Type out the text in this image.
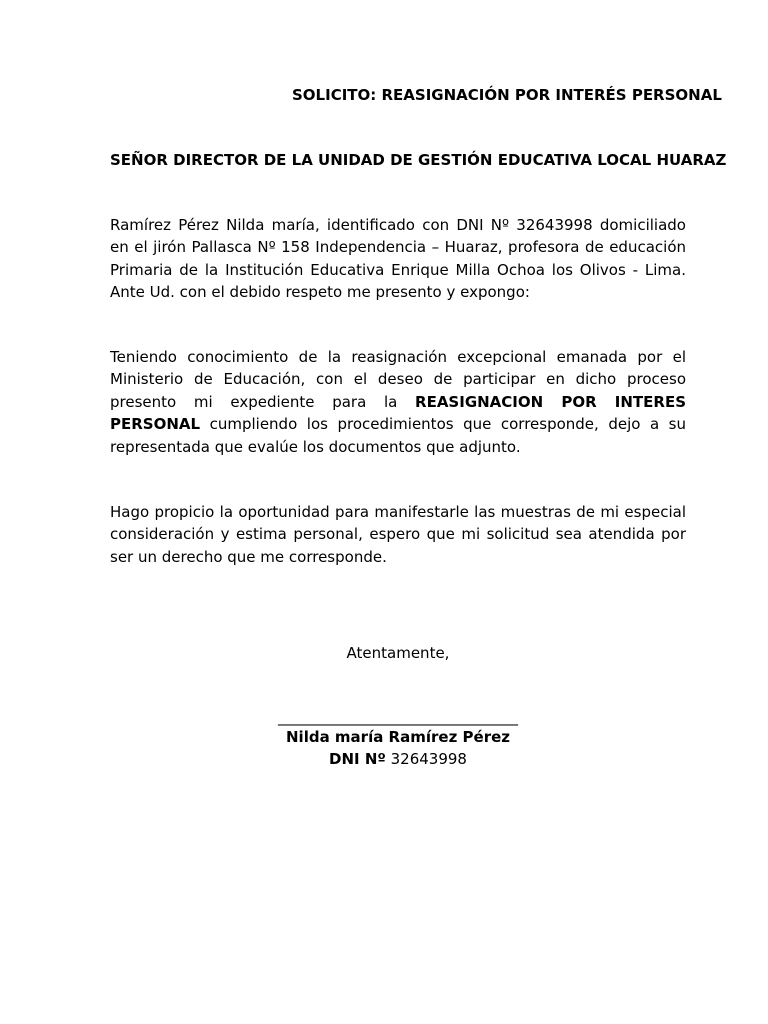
SOLICITO: REASIGNACIÓN POR INTERÉS PERSONAL
SEÑOR DIRECTOR DE LA UNIDAD DE GESTIÓN EDUCATIVA LOCAL HUARAZ

Ramírez Pérez Nilda maría, identificado con DNI Nº 32643998 domiciliado en el jirón Pallasca Nº 158 Independencia – Huaraz, profesora de educación Primaria de la Institución Educativa Enrique Milla Ochoa los Olivos - Lima. Ante Ud. con el debido respeto me presento y expongo:

Teniendo conocimiento de la reasignación excepcional emanada por el Ministerio de Educación, con el deseo de participar en dicho proceso presento mi expediente para la REASIGNACION POR INTERES PERSONAL cumpliendo los procedimientos que corresponde, dejo a su representada que evalúe los documentos que adjunto.

Hago propicio la oportunidad para manifestarle las muestras de mi especial consideración y estima personal, espero que mi solicitud sea atendida por ser un derecho que me corresponde.

Atentamente,
________________________________
Nilda maría Ramírez Pérez
DNI Nº 32643998
